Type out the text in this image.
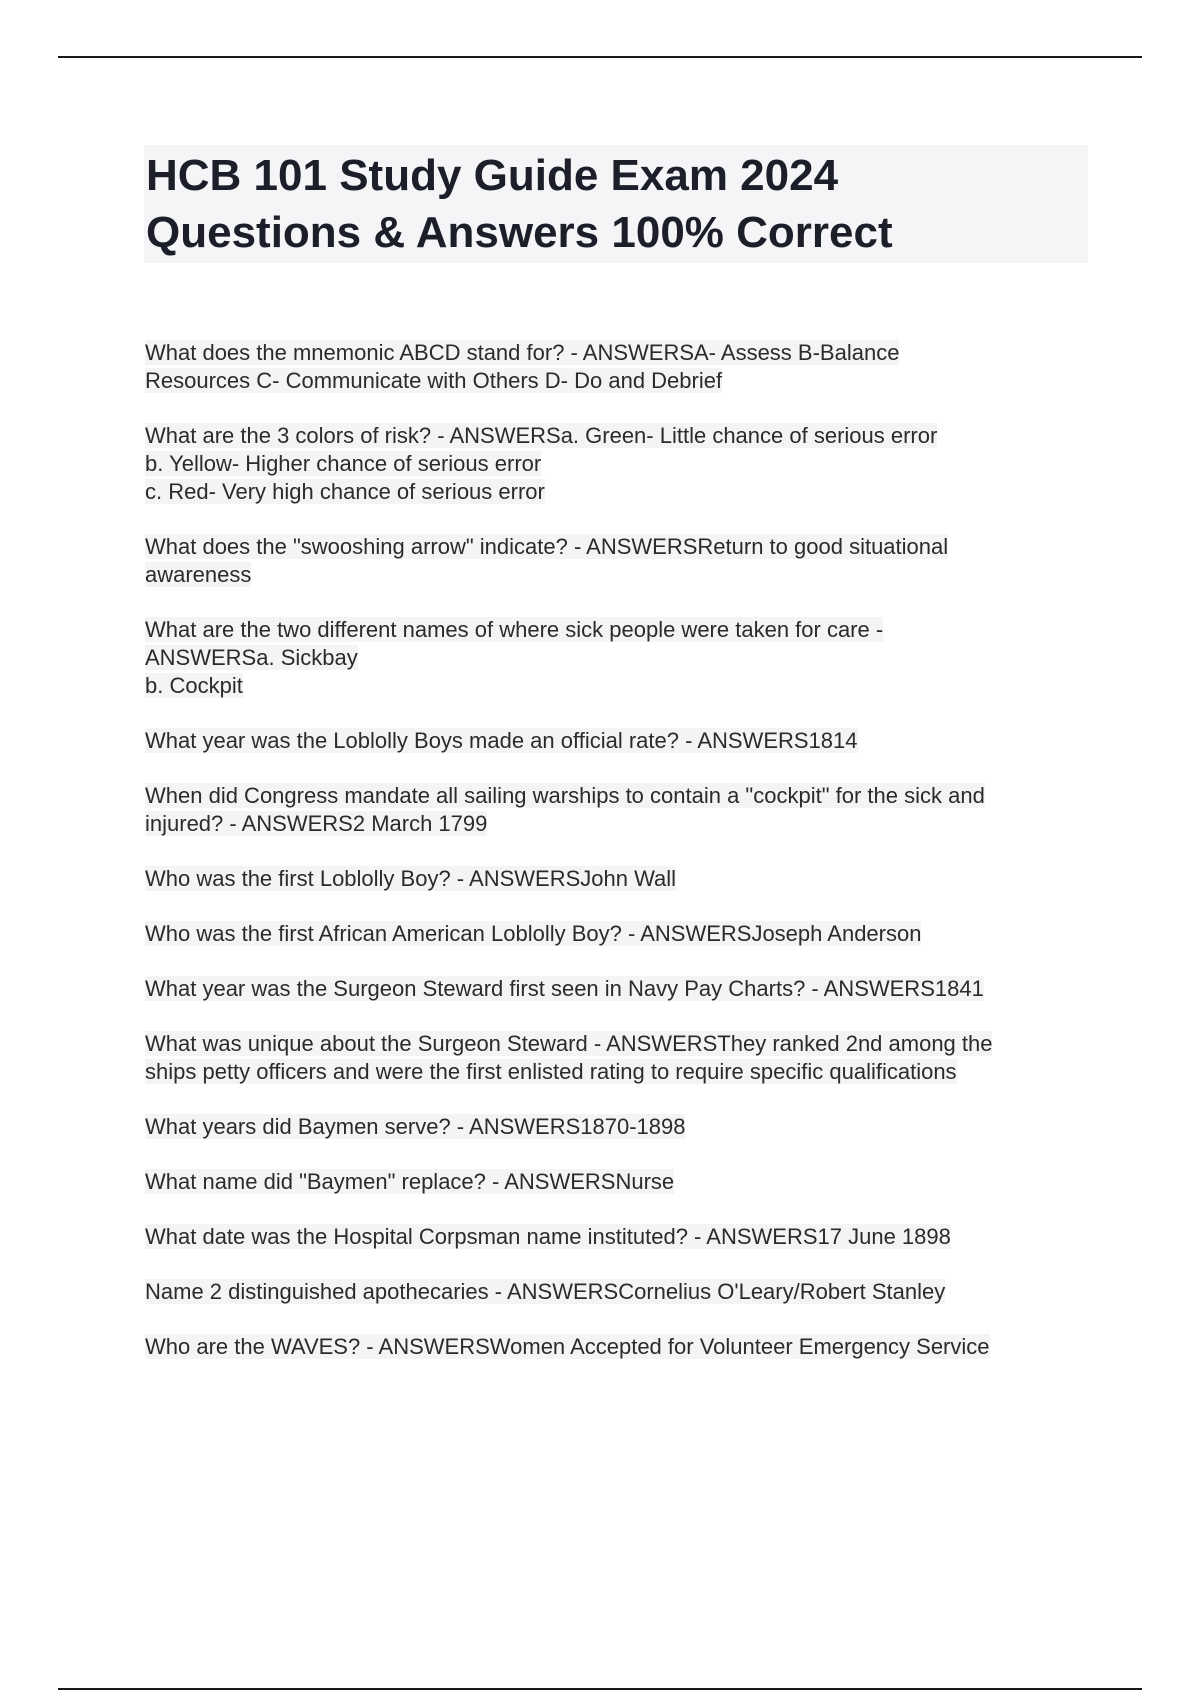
HCB 101 Study Guide Exam 2024
Questions & Answers 100% Correct
What does the mnemonic ABCD stand for? - ANSWERSA- Assess B-Balance
Resources C- Communicate with Others D- Do and Debrief
What are the 3 colors of risk? - ANSWERSa. Green- Little chance of serious error
b. Yellow- Higher chance of serious error
c. Red- Very high chance of serious error
What does the "swooshing arrow" indicate? - ANSWERSReturn to good situational
awareness
What are the two different names of where sick people were taken for care -
ANSWERSa. Sickbay
b. Cockpit
What year was the Loblolly Boys made an official rate? - ANSWERS1814
When did Congress mandate all sailing warships to contain a "cockpit" for the sick and
injured? - ANSWERS2 March 1799
Who was the first Loblolly Boy? - ANSWERSJohn Wall
Who was the first African American Loblolly Boy? - ANSWERSJoseph Anderson
What year was the Surgeon Steward first seen in Navy Pay Charts? - ANSWERS1841
What was unique about the Surgeon Steward - ANSWERSThey ranked 2nd among the
ships petty officers and were the first enlisted rating to require specific qualifications
What years did Baymen serve? - ANSWERS1870-1898
What name did "Baymen" replace? - ANSWERSNurse
What date was the Hospital Corpsman name instituted? - ANSWERS17 June 1898
Name 2 distinguished apothecaries - ANSWERSCornelius O'Leary/Robert Stanley
Who are the WAVES? - ANSWERSWomen Accepted for Volunteer Emergency Service
